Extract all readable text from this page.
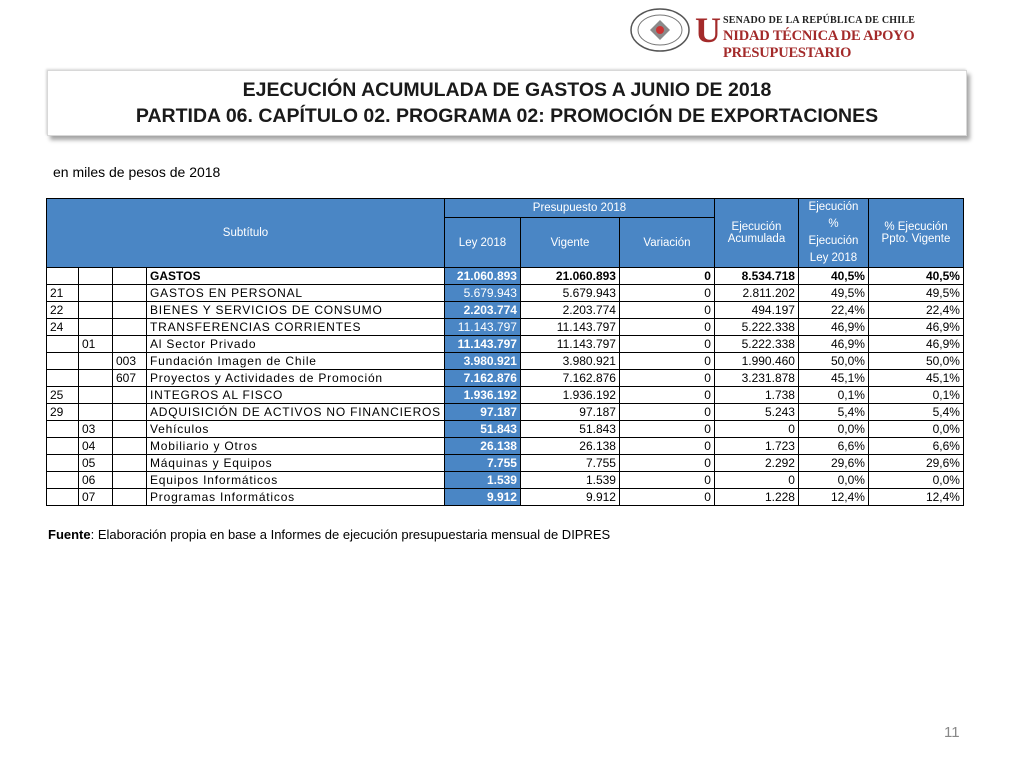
U SENADO DE LA REPÚBLICA DE CHILE
NIDAD TÉCNICA DE APOYO PRESUPUESTARIO
EJECUCIÓN ACUMULADA DE GASTOS A JUNIO DE 2018
PARTIDA 06. CAPÍTULO 02. PROGRAMA 02: PROMOCIÓN DE EXPORTACIONES
en miles de pesos de 2018
Subtítulo				Presupuesto 2018			Ejecución Acumulada	Ejecución % Ejecución Ley 2018	% Ejecución Ppto. Vigente
				Ley 2018	Vigente	Variación			
			GASTOS	21.060.893	21.060.893	0	8.534.718	40,5%	40,5%
21			GASTOS EN PERSONAL	5.679.943	5.679.943	0	2.811.202	49,5%	49,5%
22			BIENES Y SERVICIOS DE CONSUMO	2.203.774	2.203.774	0	494.197	22,4%	22,4%
24			TRANSFERENCIAS CORRIENTES	11.143.797	11.143.797	0	5.222.338	46,9%	46,9%
	01		Al Sector Privado	11.143.797	11.143.797	0	5.222.338	46,9%	46,9%
		003	Fundación Imagen de Chile	3.980.921	3.980.921	0	1.990.460	50,0%	50,0%
		607	Proyectos y Actividades de Promoción	7.162.876	7.162.876	0	3.231.878	45,1%	45,1%
25			INTEGROS AL FISCO	1.936.192	1.936.192	0	1.738	0,1%	0,1%
29			ADQUISICIÓN DE ACTIVOS NO FINANCIEROS	97.187	97.187	0	5.243	5,4%	5,4%
	03		Vehículos	51.843	51.843	0	0	0,0%	0,0%
	04		Mobiliario y Otros	26.138	26.138	0	1.723	6,6%	6,6%
	05		Máquinas y Equipos	7.755	7.755	0	2.292	29,6%	29,6%
	06		Equipos Informáticos	1.539	1.539	0	0	0,0%	0,0%
	07		Programas Informáticos	9.912	9.912	0	1.228	12,4%	12,4%
Fuente: Elaboración propia en base a Informes de ejecución presupuestaria mensual de DIPRES
11
